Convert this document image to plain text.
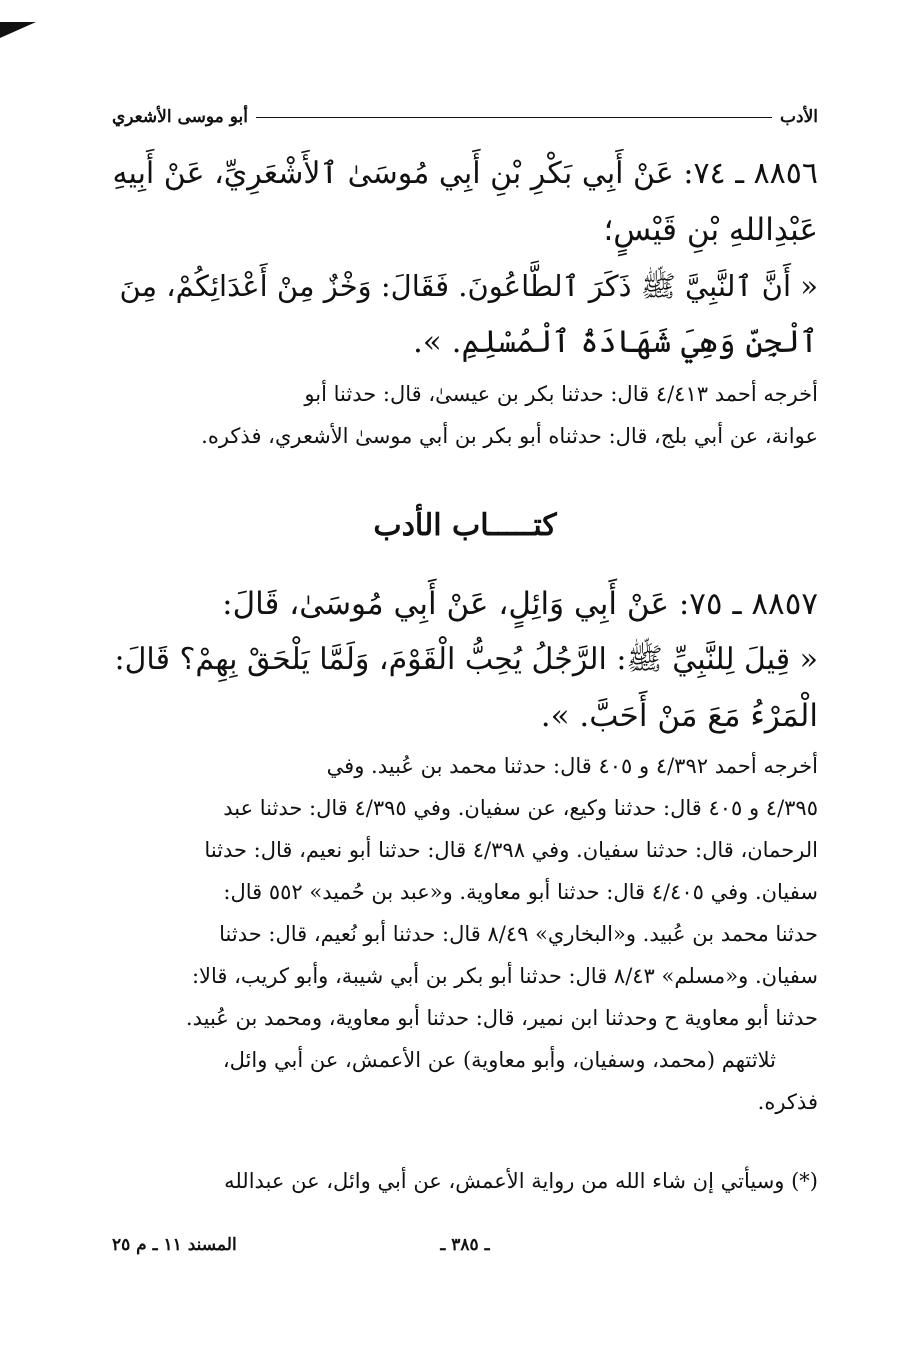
الأدب
أبو موسى الأشعري
٨٨٥٦ ـ ٧٤: عَنْ أَبِي بَكْرِ بْنِ أَبِي مُوسَىٰ ٱلأَشْعَرِيِّ، عَنْ أَبِيهِ
عَبْدِاللهِ بْنِ قَيْسٍ؛
« أَنَّ ٱلنَّبِيَّ ﷺ ذَكَرَ ٱلطَّاعُونَ. فَقَالَ: وَخْزٌ مِنْ أَعْدَائِكُمْ، مِنَ
ٱلْجِنِّ وَهِيَ شَهَادَةُ ٱلْمُسْلِمِ. ».
أخرجه أحمد ٤/٤١٣ قال: حدثنا بكر بن عيسىٰ، قال: حدثنا أبو
عوانة، عن أبي بلج، قال: حدثناه أبو بكر بن أبي موسىٰ الأشعري، فذكره.
كتـــــاب الأدب
٨٨٥٧ ـ ٧٥: عَنْ أَبِي وَائِلٍ، عَنْ أَبِي مُوسَىٰ، قَالَ:
« قِيلَ لِلنَّبِيِّ ﷺ: الرَّجُلُ يُحِبُّ الْقَوْمَ، وَلَمَّا يَلْحَقْ بِهِمْ؟ قَالَ:
الْمَرْءُ مَعَ مَنْ أَحَبَّ. ».
أخرجه أحمد ٤/٣٩٢ و ٤٠٥ قال: حدثنا محمد بن عُبيد. وفي
٤/٣٩٥ و ٤٠٥ قال: حدثنا وكيع، عن سفيان. وفي ٤/٣٩٥ قال: حدثنا عبد
الرحمان، قال: حدثنا سفيان. وفي ٤/٣٩٨ قال: حدثنا أبو نعيم، قال: حدثنا
سفيان. وفي ٤/٤٠٥ قال: حدثنا أبو معاوية. و«عبد بن حُميد» ٥٥٢ قال:
حدثنا محمد بن عُبيد. و«البخاري» ٨/٤٩ قال: حدثنا أبو نُعيم، قال: حدثنا
سفيان. و«مسلم» ٨/٤٣ قال: حدثنا أبو بكر بن أبي شيبة، وأبو كريب، قالا:
حدثنا أبو معاوية ح وحدثنا ابن نمير، قال: حدثنا أبو معاوية، ومحمد بن عُبيد.
ثلاثتهم (محمد، وسفيان، وأبو معاوية) عن الأعمش، عن أبي وائل،
فذكره.
(*) وسيأتي إن شاء الله من رواية الأعمش، عن أبي وائل، عن عبدالله
ـ ٣٨٥ ـ
المسند ١١ ـ م ٢٥
